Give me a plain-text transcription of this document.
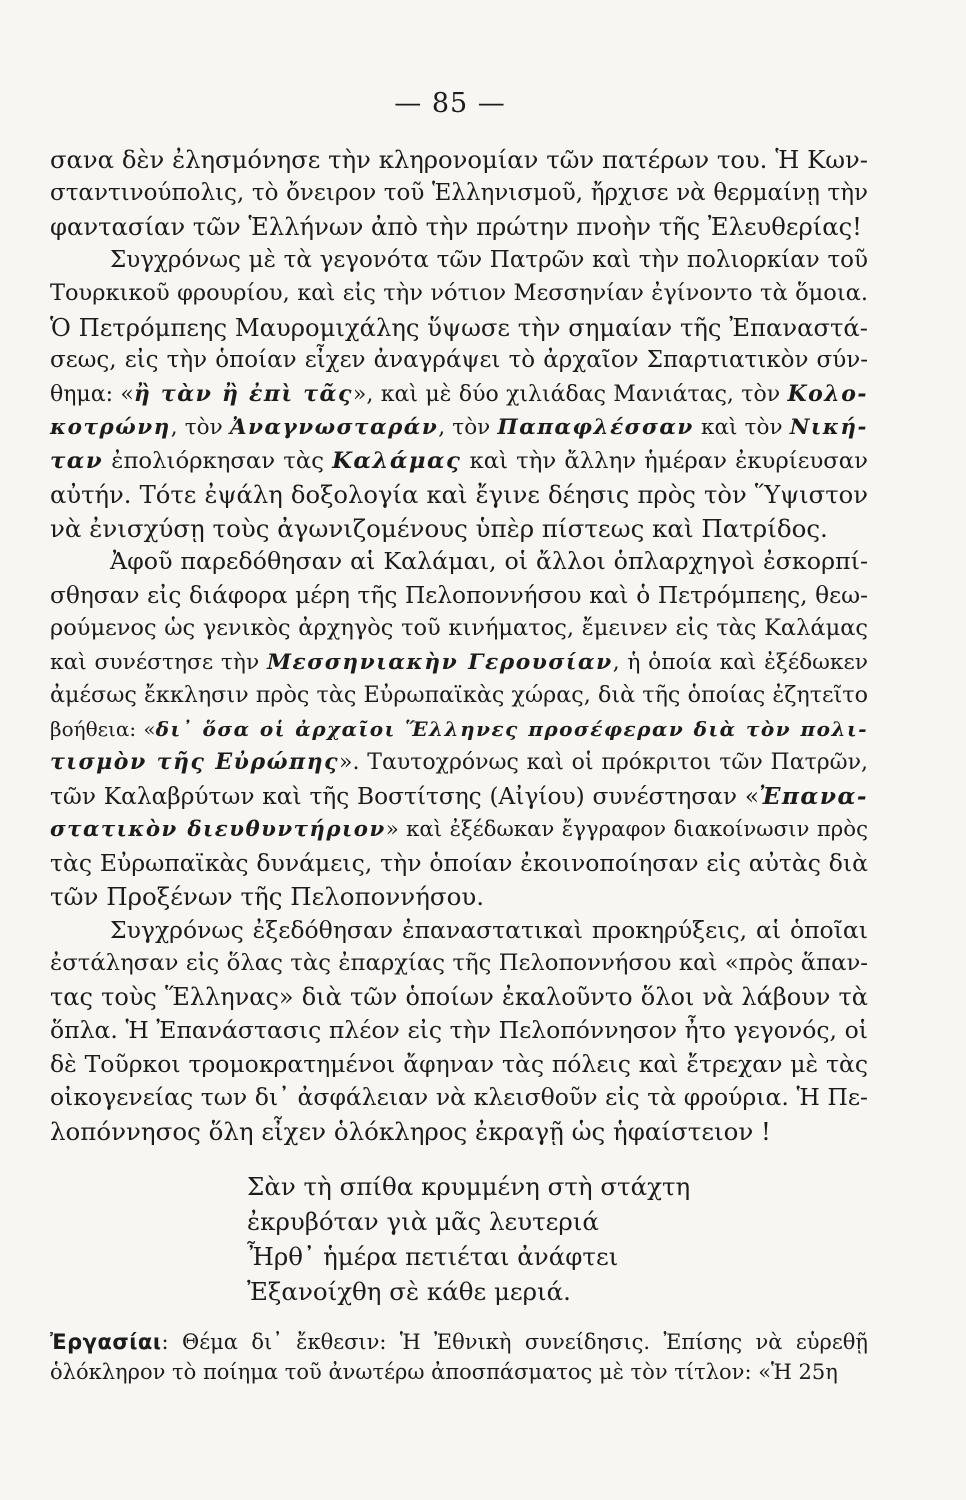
— 85 —
σανα δὲν ἐλησμόνησε τὴν κληρονομίαν τῶν πατέρων του. Ἡ Κων-
σταντινούπολις, τὸ ὄνειρον τοῦ Ἑλληνισμοῦ, ἤρχισε νὰ θερμαίνῃ τὴν
φαντασίαν τῶν Ἑλλήνων ἀπὸ τὴν πρώτην πνοὴν τῆς Ἐλευθερίας!
Συγχρόνως μὲ τὰ γεγονότα τῶν Πατρῶν καὶ τὴν πολιορκίαν τοῦ
Τουρκικοῦ φρουρίου, καὶ εἰς τὴν νότιον Μεσσηνίαν ἐγίνοντο τὰ ὅμοια.
Ὁ Πετρόμπεης Μαυρομιχάλης ὕψωσε τὴν σημαίαν τῆς Ἐπαναστά-
σεως, εἰς τὴν ὁποίαν εἶχεν ἀναγράψει τὸ ἀρχαῖον Σπαρτιατικὸν σύν-
θημα: «ἢ τὰν ἢ ἐπὶ τᾶς», καὶ μὲ δύο χιλιάδας Μανιάτας, τὸν Κολο-
κοτρώνη, τὸν Ἀναγνωσταράν, τὸν Παπαφλέσσαν καὶ τὸν Νική-
ταν ἐπολιόρκησαν τὰς Καλάμας καὶ τὴν ἄλλην ἡμέραν ἐκυρίευσαν
αὐτήν. Τότε ἐψάλη δοξολογία καὶ ἔγινε δέησις πρὸς τὸν Ὕψιστον
νὰ ἐνισχύσῃ τοὺς ἀγωνιζομένους ὑπὲρ πίστεως καὶ Πατρίδος.
Ἀφοῦ παρεδόθησαν αἱ Καλάμαι, οἱ ἄλλοι ὁπλαρχηγοὶ ἐσκορπί-
σθησαν εἰς διάφορα μέρη τῆς Πελοποννήσου καὶ ὁ Πετρόμπεης, θεω-
ρούμενος ὡς γενικὸς ἀρχηγὸς τοῦ κινήματος, ἔμεινεν εἰς τὰς Καλάμας
καὶ συνέστησε τὴν Μεσσηνιακὴν Γερουσίαν, ἡ ὁποία καὶ ἐξέδωκεν
ἀμέσως ἔκκλησιν πρὸς τὰς Εὐρωπαϊκὰς χώρας, διὰ τῆς ὁποίας ἐζητεῖτο
βοήθεια: «δι᾽ ὅσα οἱ ἀρχαῖοι Ἕλληνες προσέφεραν διὰ τὸν πολι-
τισμὸν τῆς Εὐρώπης». Ταυτοχρόνως καὶ οἱ πρόκριτοι τῶν Πατρῶν,
τῶν Καλαβρύτων καὶ τῆς Βοστίτσης (Αἰγίου) συνέστησαν «Ἐπανα-
στατικὸν διευθυντήριον» καὶ ἐξέδωκαν ἔγγραφον διακοίνωσιν πρὸς
τὰς Εὐρωπαϊκὰς δυνάμεις, τὴν ὁποίαν ἐκοινοποίησαν εἰς αὐτὰς διὰ
τῶν Προξένων τῆς Πελοποννήσου.
Συγχρόνως ἐξεδόθησαν ἐπαναστατικαὶ προκηρύξεις, αἱ ὁποῖαι
ἐστάλησαν εἰς ὅλας τὰς ἐπαρχίας τῆς Πελοποννήσου καὶ «πρὸς ἅπαν-
τας τοὺς Ἕλληνας» διὰ τῶν ὁποίων ἐκαλοῦντο ὅλοι νὰ λάβουν τὰ
ὅπλα. Ἡ Ἐπανάστασις πλέον εἰς τὴν Πελοπόννησον ἦτο γεγονός, οἱ
δὲ Τοῦρκοι τρομοκρατημένοι ἄφηναν τὰς πόλεις καὶ ἔτρεχαν μὲ τὰς
οἰκογενείας των δι᾽ ἀσφάλειαν νὰ κλεισθοῦν εἰς τὰ φρούρια. Ἡ Πε-
λοπόννησος ὅλη εἶχεν ὁλόκληρος ἐκραγῇ ὡς ἡφαίστειον !
Σὰν τὴ σπίθα κρυμμένη στὴ στάχτη
ἐκρυβόταν γιὰ μᾶς λευτεριά
Ἦρθ᾽ ἡμέρα πετιέται ἀνάφτει
Ἐξανοίχθη σὲ κάθε μεριά.
Ἐργασίαι: Θέμα δι᾽ ἔκθεσιν: Ἡ Ἐθνικὴ συνείδησις. Ἐπίσης νὰ εὑρεθῇ
ὁλόκληρον τὸ ποίημα τοῦ ἀνωτέρω ἀποσπάσματος μὲ τὸν τίτλον: «Ἡ 25η
